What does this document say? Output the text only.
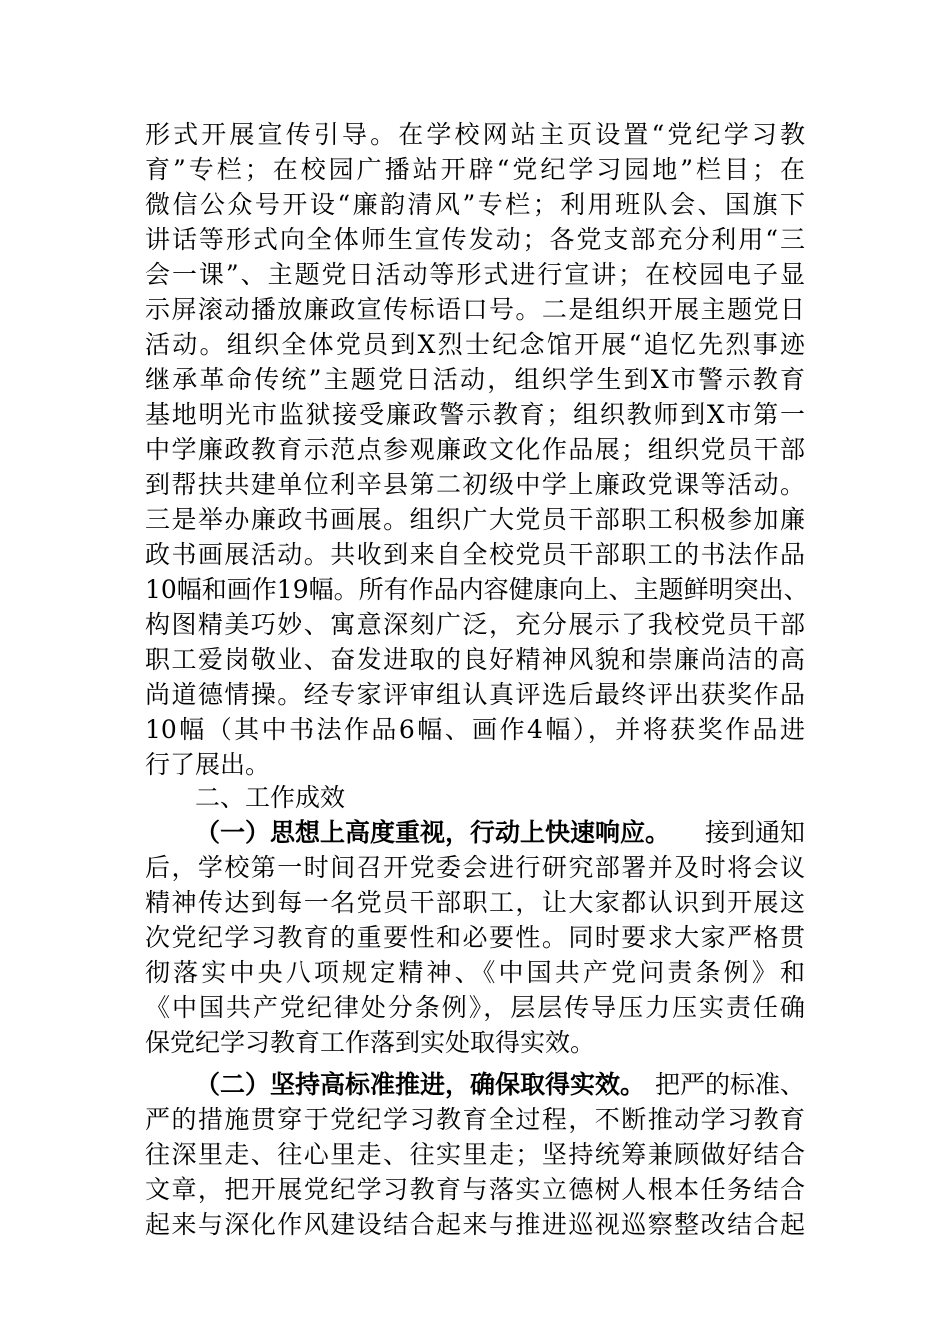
形式开展宣传引导。在学校网站主页设置“党纪学习教
育”专栏；在校园广播站开辟“党纪学习园地”栏目；在
微信公众号开设“廉韵清风”专栏；利用班队会、国旗下
讲话等形式向全体师生宣传发动；各党支部充分利用“三
会一课”、主题党日活动等形式进行宣讲；在校园电子显
示屏滚动播放廉政宣传标语口号。二是组织开展主题党日
活动。组织全体党员到X烈士纪念馆开展“追忆先烈事迹
继承革命传统”主题党日活动，组织学生到X市警示教育
基地明光市监狱接受廉政警示教育；组织教师到X市第一
中学廉政教育示范点参观廉政文化作品展；组织党员干部
到帮扶共建单位利辛县第二初级中学上廉政党课等活动。
三是举办廉政书画展。组织广大党员干部职工积极参加廉
政书画展活动。共收到来自全校党员干部职工的书法作品
10幅和画作19幅。所有作品内容健康向上、主题鲜明突出、
构图精美巧妙、寓意深刻广泛，充分展示了我校党员干部
职工爱岗敬业、奋发进取的良好精神风貌和崇廉尚洁的高
尚道德情操。经专家评审组认真评选后最终评出获奖作品
10幅（其中书法作品6幅、画作4幅），并将获奖作品进
行了展出。
二、工作成效
（一）思想上高度重视，行动上快速响应。 接到通知
后，学校第一时间召开党委会进行研究部署并及时将会议
精神传达到每一名党员干部职工，让大家都认识到开展这
次党纪学习教育的重要性和必要性。同时要求大家严格贯
彻落实中央八项规定精神、《中国共产党问责条例》和
《中国共产党纪律处分条例》，层层传导压力压实责任确
保党纪学习教育工作落到实处取得实效。
（二）坚持高标准推进，确保取得实效。 把严的标准、
严的措施贯穿于党纪学习教育全过程，不断推动学习教育
往深里走、往心里走、往实里走；坚持统筹兼顾做好结合
文章，把开展党纪学习教育与落实立德树人根本任务结合
起来与深化作风建设结合起来与推进巡视巡察整改结合起
